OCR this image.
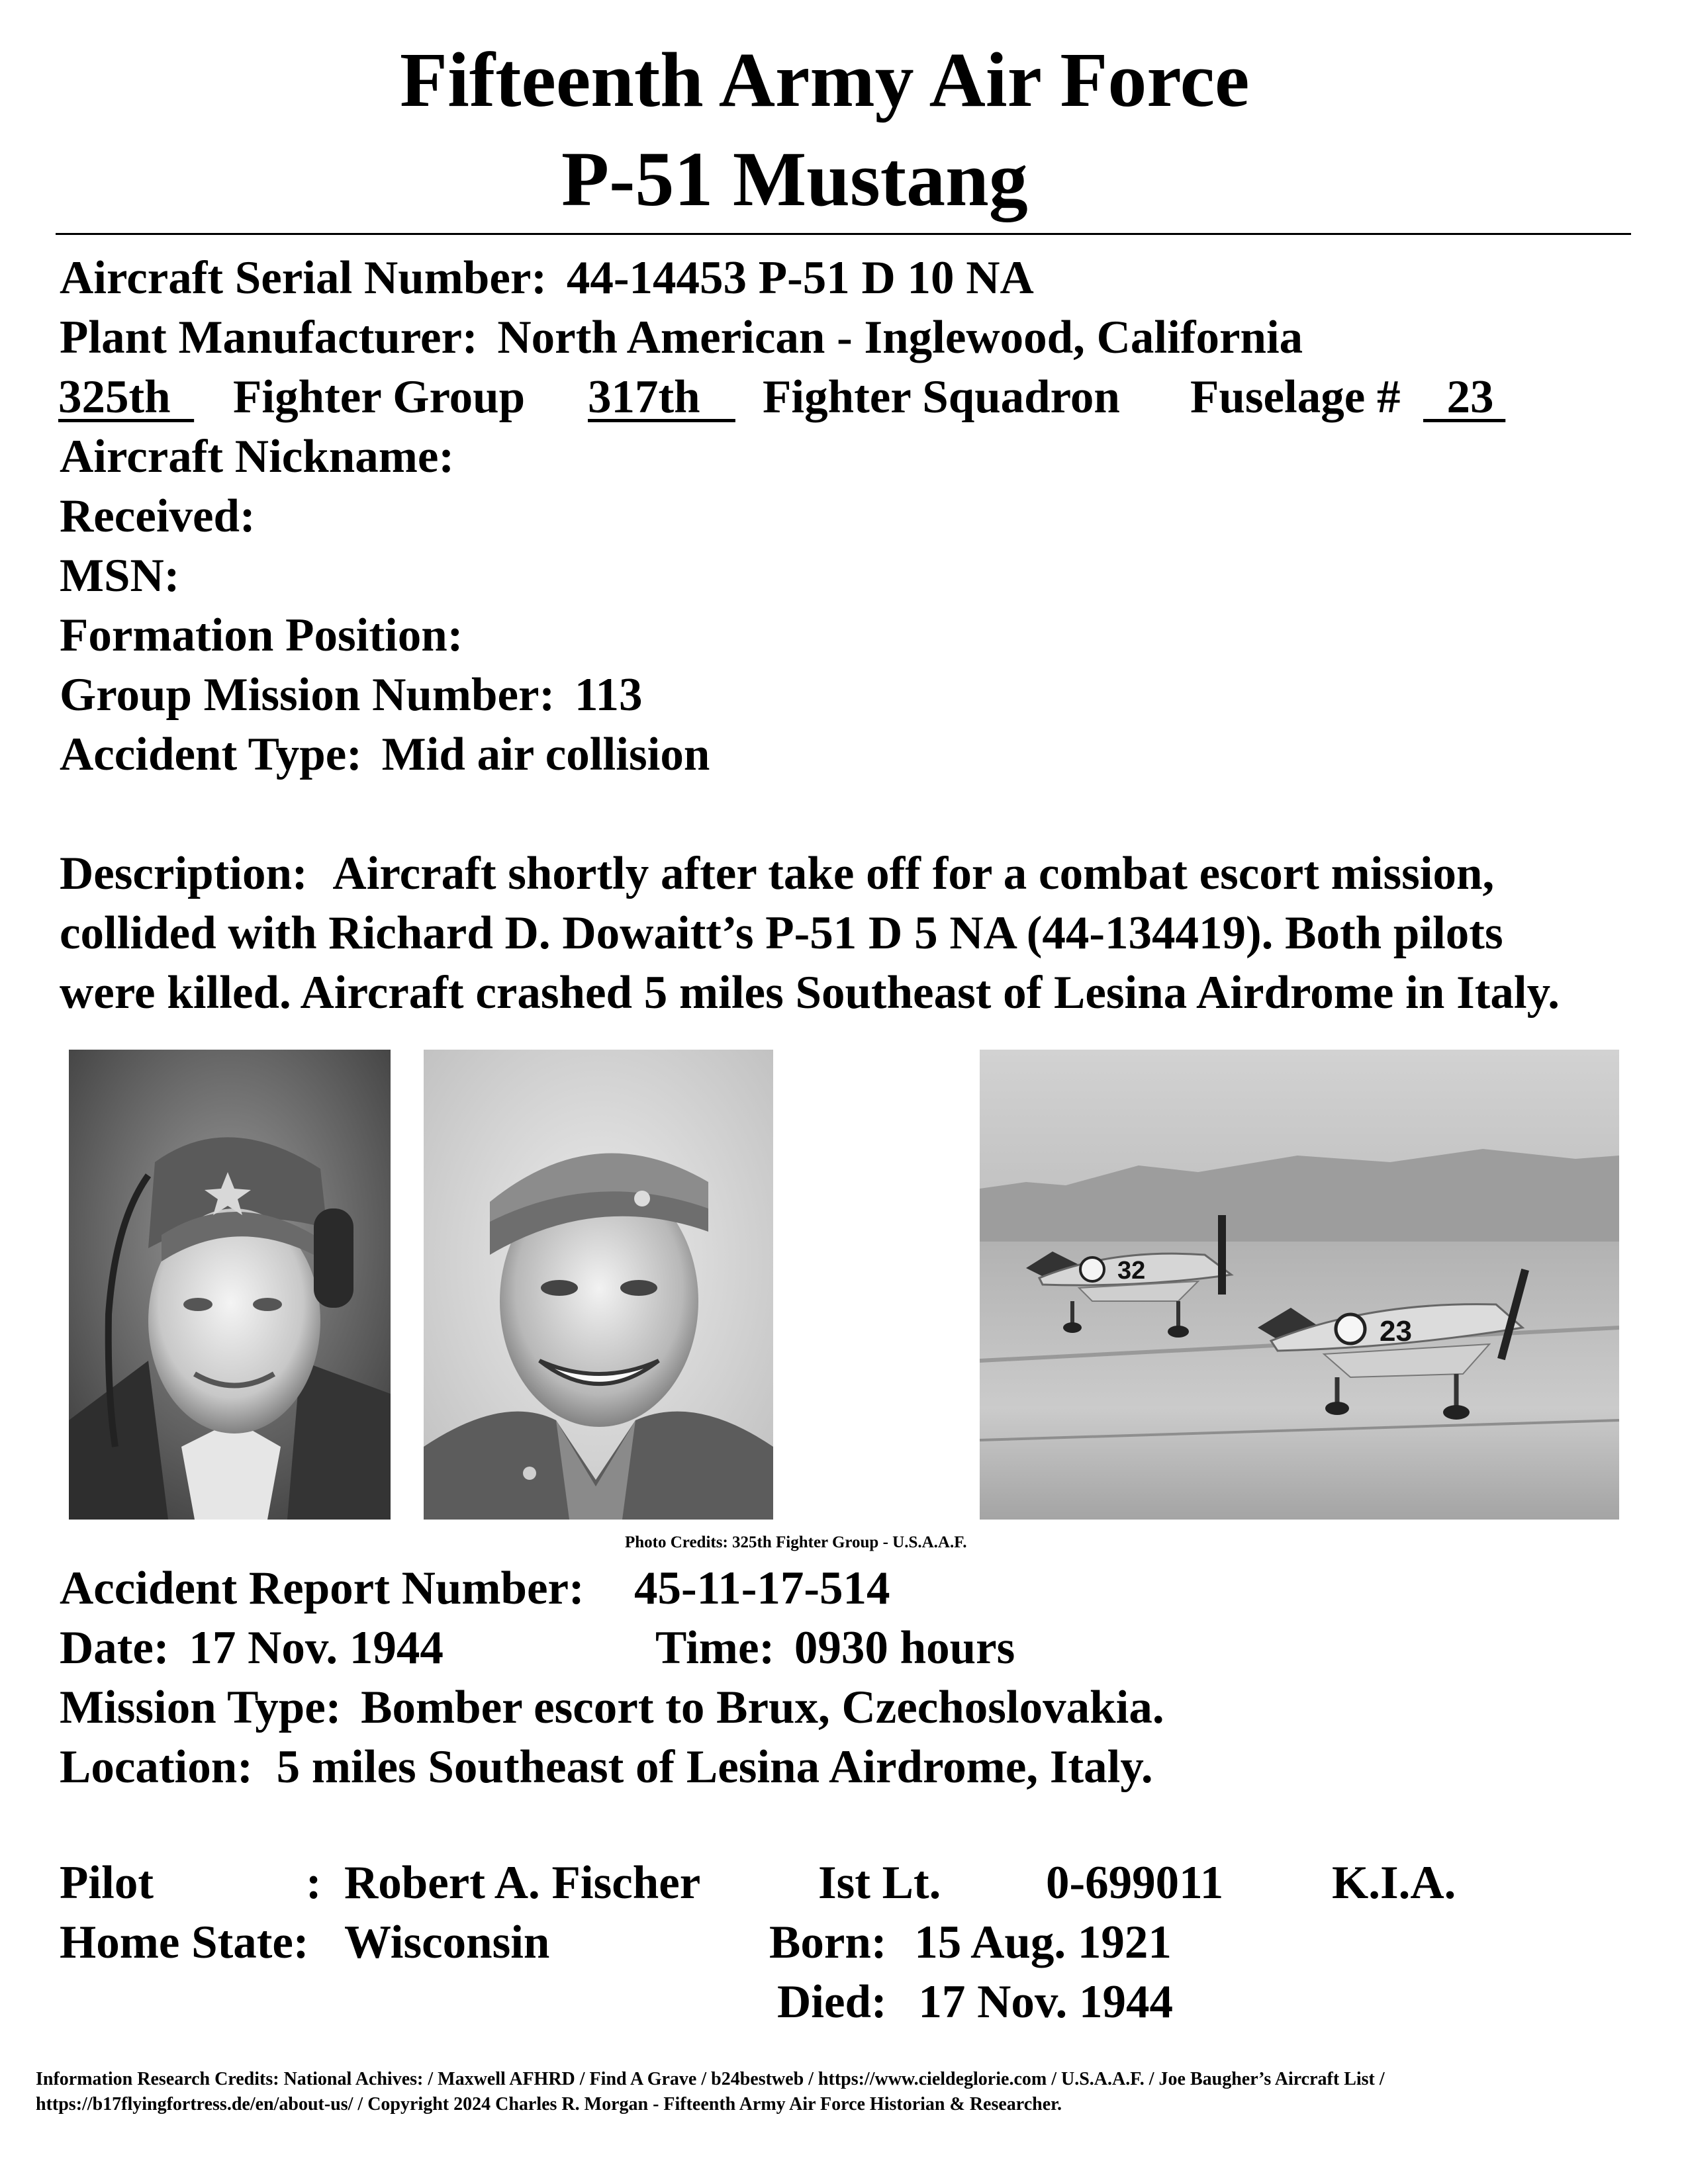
Fifteenth Army Air Force
P-51 Mustang
Aircraft Serial Number: 44-14453 P-51 D 10 NA
Plant Manufacturer: North American - Inglewood, California
325th Fighter Group 317th Fighter Squadron Fuselage # 23
Aircraft Nickname:
Received:
MSN:
Formation Position:
Group Mission Number: 113
Accident Type: Mid air collision
Description: Aircraft shortly after take off for a combat escort mission,
collided with Richard D. Dowaitt’s P-51 D 5 NA (44-134419). Both pilots
were killed. Aircraft crashed 5 miles Southeast of Lesina Airdrome in Italy.
32
23
Photo Credits: 325th Fighter Group - U.S.A.A.F.
Accident Report Number: 45-11-17-514
Date: 17 Nov. 1944	Time: 0930 hours
Mission Type: Bomber escort to Brux, Czechoslovakia.
Location: 5 miles Southeast of Lesina Airdrome, Italy.
Pilot	: Robert A. Fischer	Ist Lt. 0-699011 K.I.A.
Home State: Wisconsin	Born: 15 Aug. 1921
Died: 17 Nov. 1944
Information Research Credits: National Achives: / Maxwell AFHRD / Find A Grave / b24bestweb / https://www.cieldeglorie.com / U.S.A.A.F. / Joe Baugher’s Aircraft List /
https://b17flyingfortress.de/en/about-us/ / Copyright 2024 Charles R. Morgan - Fifteenth Army Air Force Historian & Researcher.
